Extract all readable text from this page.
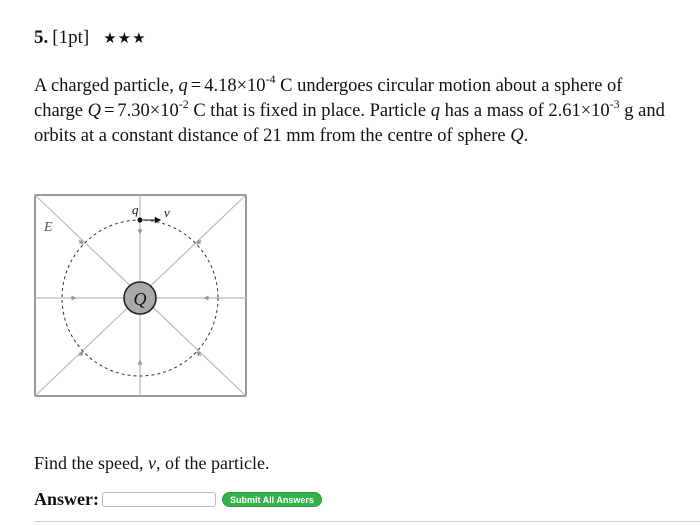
5. [1pt] ★★★
A charged particle, $q = 4.18\times 10^{-4}$ C undergoes circular motion about a sphere of
charge $Q = 7.30\times 10^{-2}$ C that is fixed in place. Particle q has a mass of $2.61\times 10^{-3}$ g and
orbits at a constant distance of 21 mm from the centre of sphere Q.
Q
q v
E
Find the speed, v, of the particle.
Answer:	Submit All Answers
